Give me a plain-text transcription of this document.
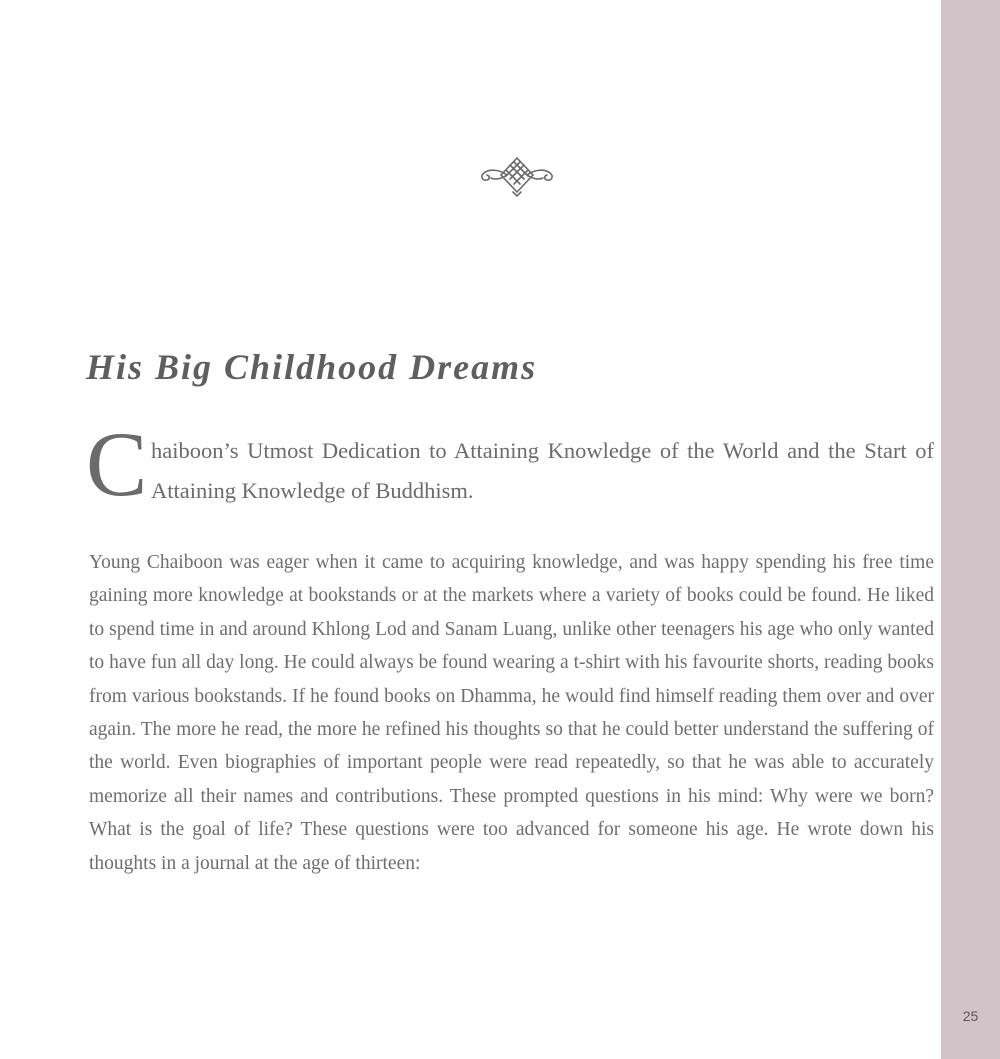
25
His Big Childhood Dreams
C haiboon’s Utmost Dedication to Attaining Knowledge of the World and the Start of Attaining Knowledge of Buddhism.

Young Chaiboon was eager when it came to acquiring knowledge, and was happy spending his free time gaining more knowledge at bookstands or at the markets where a variety of books could be found. He liked to spend time in and around Khlong Lod and Sanam Luang, unlike other teenagers his age who only wanted to have fun all day long. He could always be found wearing a t-shirt with his favourite shorts, reading books from various bookstands. If he found books on Dhamma, he would find himself reading them over and over again. The more he read, the more he refined his thoughts so that he could better understand the suffering of the world. Even biographies of important people were read repeatedly, so that he was able to accurately memorize all their names and contributions. These prompted questions in his mind: Why were we born? What is the goal of life? These questions were too advanced for someone his age. He wrote down his thoughts in a journal at the age of thirteen:
